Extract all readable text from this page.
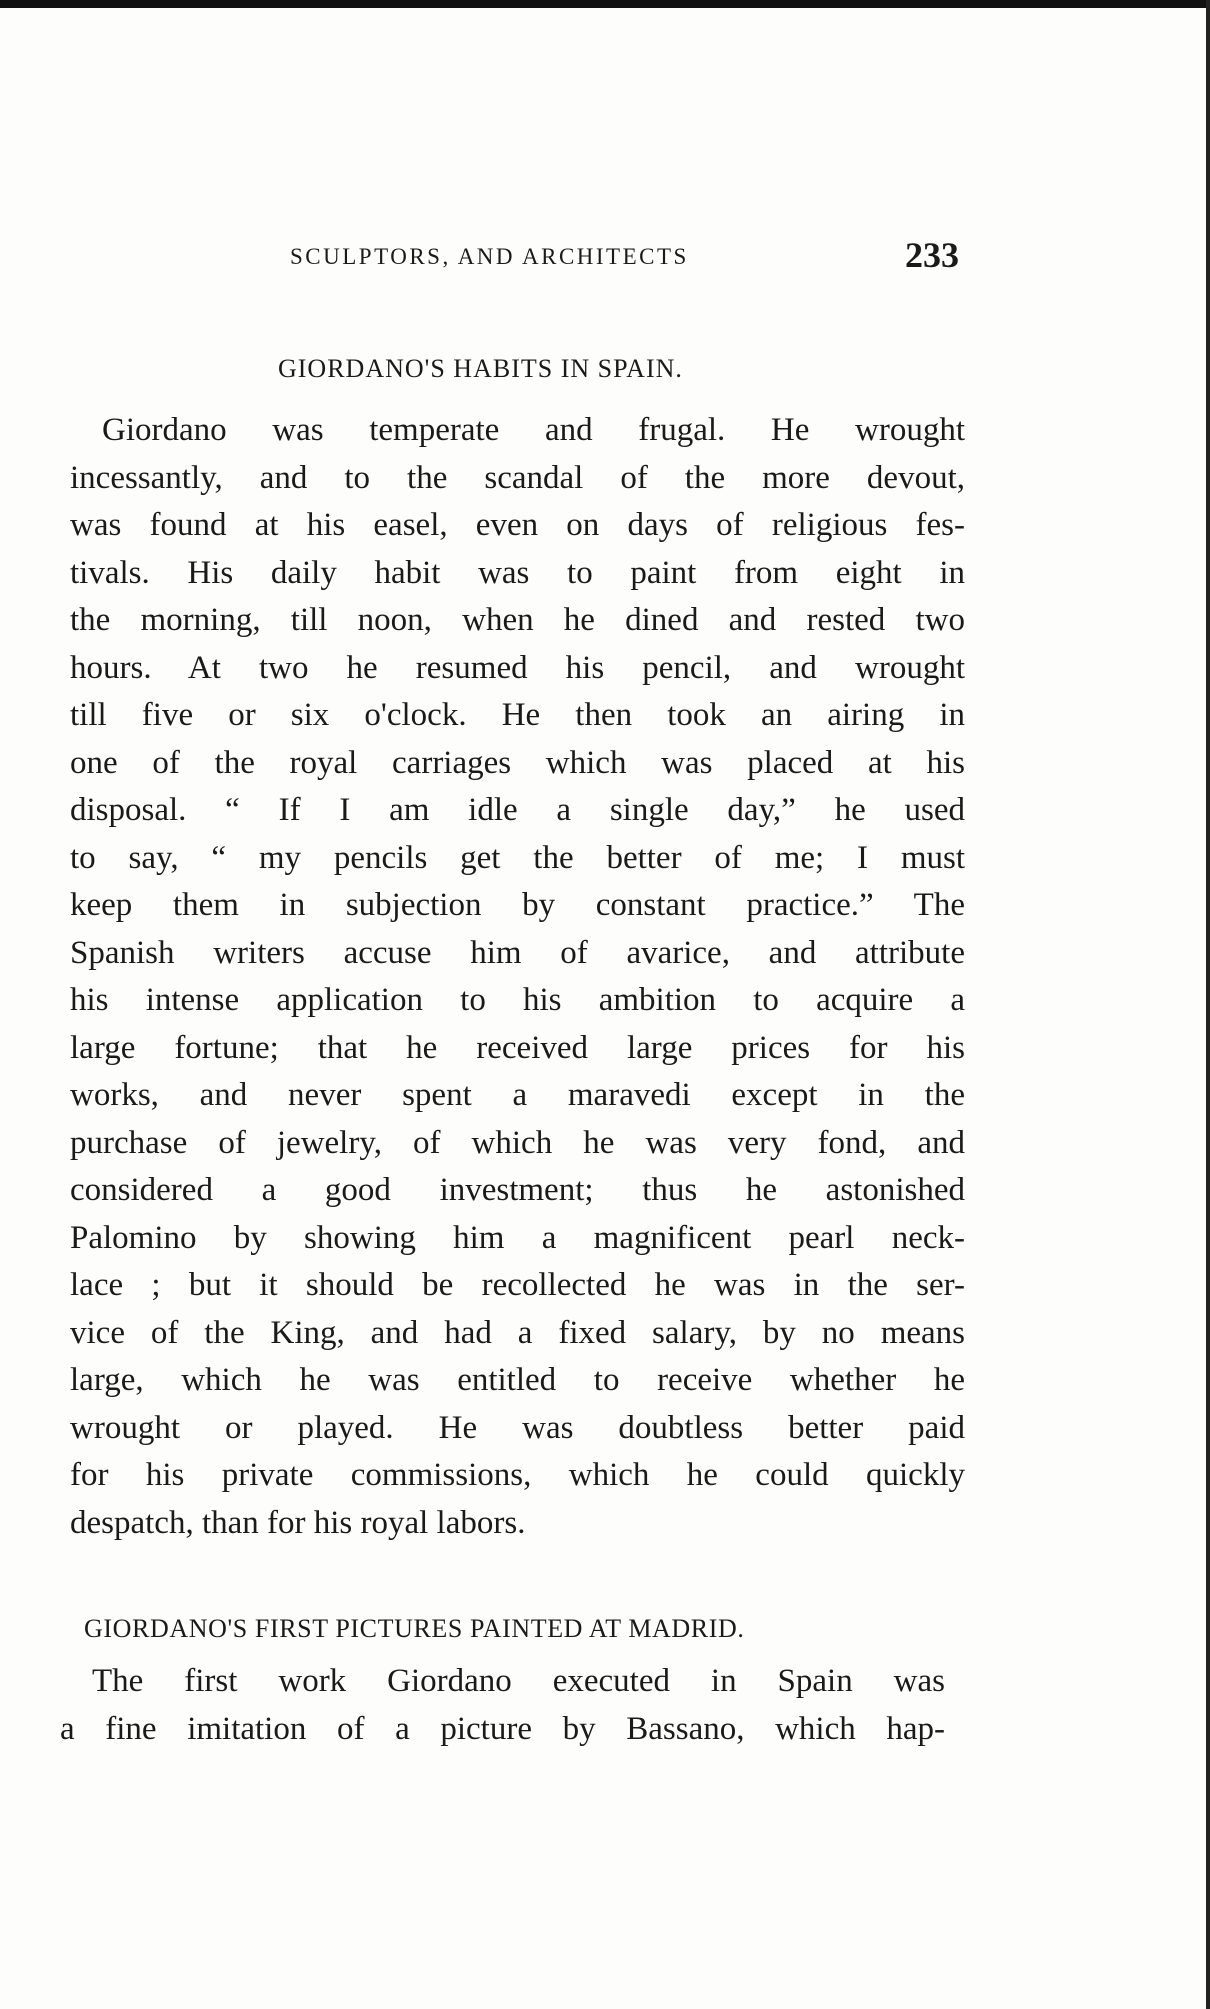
SCULPTORS, AND ARCHITECTS	233
GIORDANO'S HABITS IN SPAIN.
Giordano was temperate and frugal. He wrought
incessantly, and to the scandal of the more devout,
was found at his easel, even on days of religious fes-
tivals. His daily habit was to paint from eight in
the morning, till noon, when he dined and rested two
hours. At two he resumed his pencil, and wrought
till five or six o'clock. He then took an airing in
one of the royal carriages which was placed at his
disposal. “ If I am idle a single day,” he used
to say, “ my pencils get the better of me; I must
keep them in subjection by constant practice.” The
Spanish writers accuse him of avarice, and attribute
his intense application to his ambition to acquire a
large fortune; that he received large prices for his
works, and never spent a maravedi except in the
purchase of jewelry, of which he was very fond, and
considered a good investment; thus he astonished
Palomino by showing him a magnificent pearl neck-
lace ; but it should be recollected he was in the ser-
vice of the King, and had a fixed salary, by no means
large, which he was entitled to receive whether he
wrought or played. He was doubtless better paid
for his private commissions, which he could quickly
despatch, than for his royal labors.
GIORDANO'S FIRST PICTURES PAINTED AT MADRID.
The first work Giordano executed in Spain was
a fine imitation of a picture by Bassano, which hap-
